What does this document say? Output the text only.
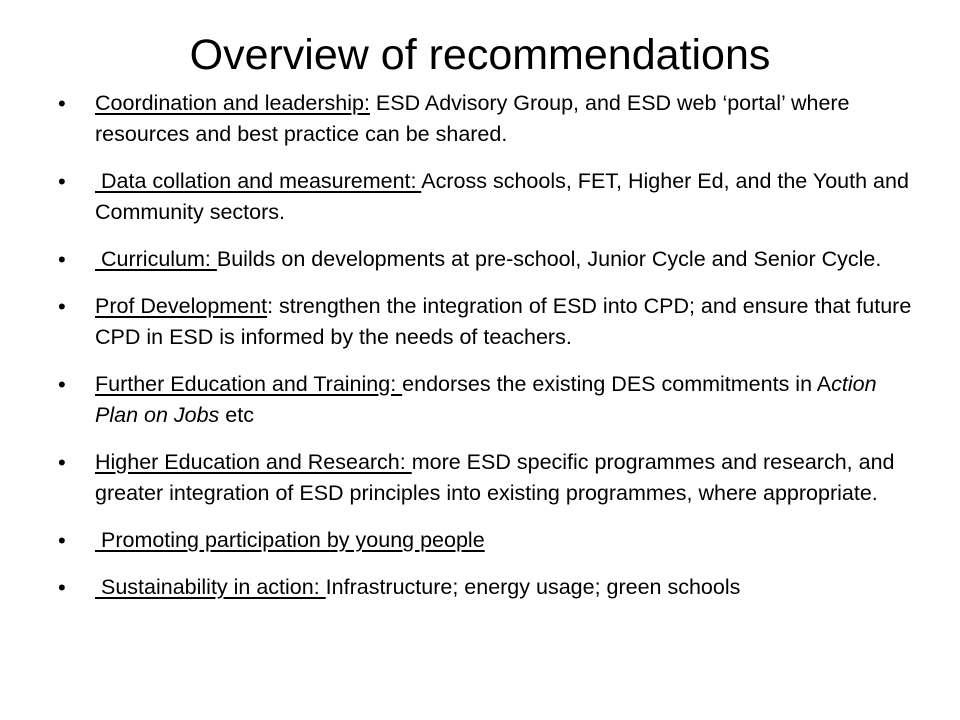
Overview of recommendations
•	Coordination and leadership: ESD Advisory Group, and ESD web ‘portal’ where resources and best practice can be shared.
•	Data collation and measurement: Across schools, FET, Higher Ed, and the Youth and Community sectors.
•	Curriculum: Builds on developments at pre-school, Junior Cycle and Senior Cycle.
•	Prof Development: strengthen the integration of ESD into CPD; and ensure that future CPD in ESD is informed by the needs of teachers.
•	Further Education and Training: endorses the existing DES commitments in Action Plan on Jobs etc
•	Higher Education and Research: more ESD specific programmes and research, and greater integration of ESD principles into existing programmes, where appropriate.
•	Promoting participation by young people
•	Sustainability in action: Infrastructure; energy usage; green schools
